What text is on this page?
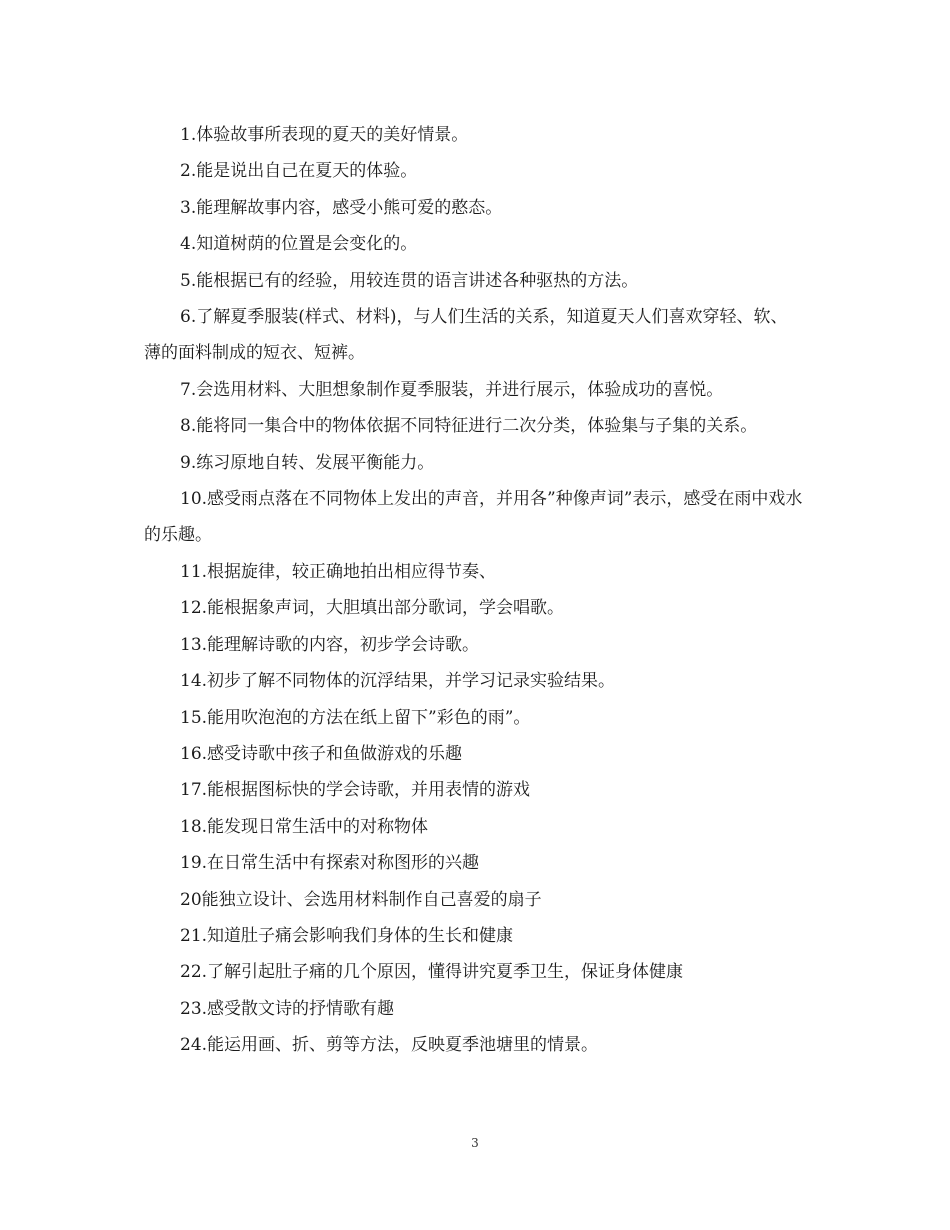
1.体验故事所表现的夏天的美好情景。

2.能是说出自己在夏天的体验。

3.能理解故事内容，感受小熊可爱的憨态。

4.知道树荫的位置是会变化的。

5.能根据已有的经验，用较连贯的语言讲述各种驱热的方法。

6.了解夏季服装(样式、材料)，与人们生活的关系，知道夏天人们喜欢穿轻、软、薄的面料制成的短衣、短裤。

7.会选用材料、大胆想象制作夏季服装，并进行展示，体验成功的喜悦。

8.能将同一集合中的物体依据不同特征进行二次分类，体验集与子集的关系。

9.练习原地自转、发展平衡能力。

10.感受雨点落在不同物体上发出的声音，并用各”种像声词”表示，感受在雨中戏水的乐趣。

11.根据旋律，较正确地拍出相应得节奏、

12.能根据象声词，大胆填出部分歌词，学会唱歌。

13.能理解诗歌的内容，初步学会诗歌。

14.初步了解不同物体的沉浮结果，并学习记录实验结果。

15.能用吹泡泡的方法在纸上留下”彩色的雨”。

16.感受诗歌中孩子和鱼做游戏的乐趣

17.能根据图标快的学会诗歌，并用表情的游戏

18.能发现日常生活中的对称物体

19.在日常生活中有探索对称图形的兴趣

20能独立设计、会选用材料制作自己喜爱的扇子

21.知道肚子痛会影响我们身体的生长和健康

22.了解引起肚子痛的几个原因，懂得讲究夏季卫生，保证身体健康

23.感受散文诗的抒情歌有趣

24.能运用画、折、剪等方法，反映夏季池塘里的情景。

3
